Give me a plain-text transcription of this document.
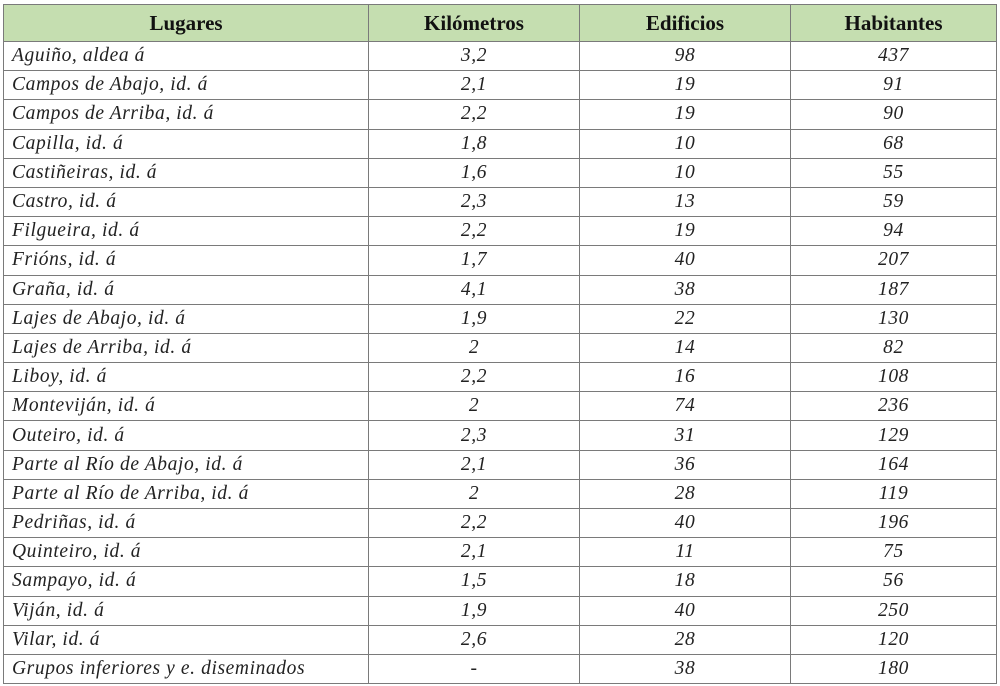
Lugares	Kilómetros	Edificios	Habitantes
Aguiño, aldea á	3,2	98	437
Campos de Abajo, id. á	2,1	19	91
Campos de Arriba, id. á	2,2	19	90
Capilla, id. á	1,8	10	68
Castiñeiras, id. á	1,6	10	55
Castro, id. á	2,3	13	59
Filgueira, id. á	2,2	19	94
Frións, id. á	1,7	40	207
Graña, id. á	4,1	38	187
Lajes de Abajo, id. á	1,9	22	130
Lajes de Arriba, id. á	2	14	82
Liboy, id. á	2,2	16	108
Monteviján, id. á	2	74	236
Outeiro, id. á	2,3	31	129
Parte al Río de Abajo, id. á	2,1	36	164
Parte al Río de Arriba, id. á	2	28	119
Pedriñas, id. á	2,2	40	196
Quinteiro, id. á	2,1	11	75
Sampayo, id. á	1,5	18	56
Viján, id. á	1,9	40	250
Vilar, id. á	2,6	28	120
Grupos inferiores y e. diseminados	-	38	180
